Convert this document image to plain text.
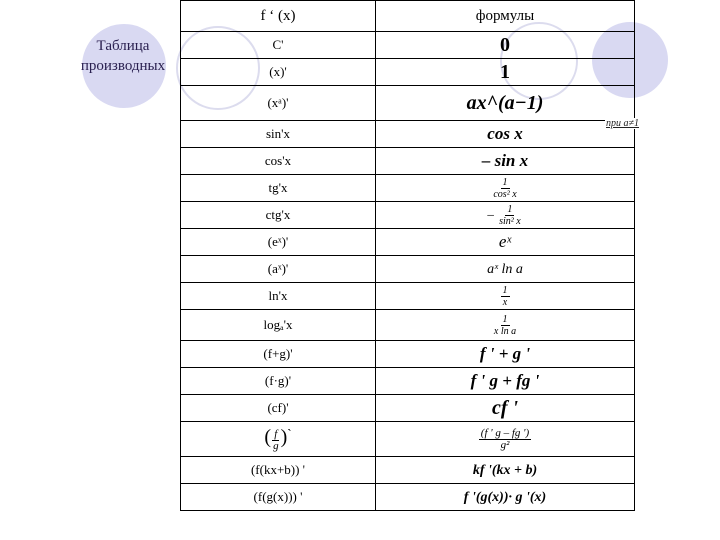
Таблица производных
f ‘ (x)	формулы
C'	0
(x)'	1
(xᵃ)'	ax^(a−1)
при a≠1

sin'x	cos x
cos'x	– sin x
tg'x	$\frac{1}{\text{cos² x}}$

ctg'x	– $\frac{1}{\text{sin² x}}$

(eˣ)'	eˣ
(aˣ)'	aˣ ln a
ln'x	$\frac{1}{x}$

logₐ'x	$\frac{1}{\text{x ln a}}$

(f+g)'	f ' + g '
(f·g)'	f ' g + fg '
(cf)'	cf '
( $\frac{f}{g}$ )`	$\frac{(f ' g - fg ')}{\text{g²}}$

(f(kx+b)) '	kf '(kx + b)
(f(g(x))) '	f '(g(x))· g '(x)
